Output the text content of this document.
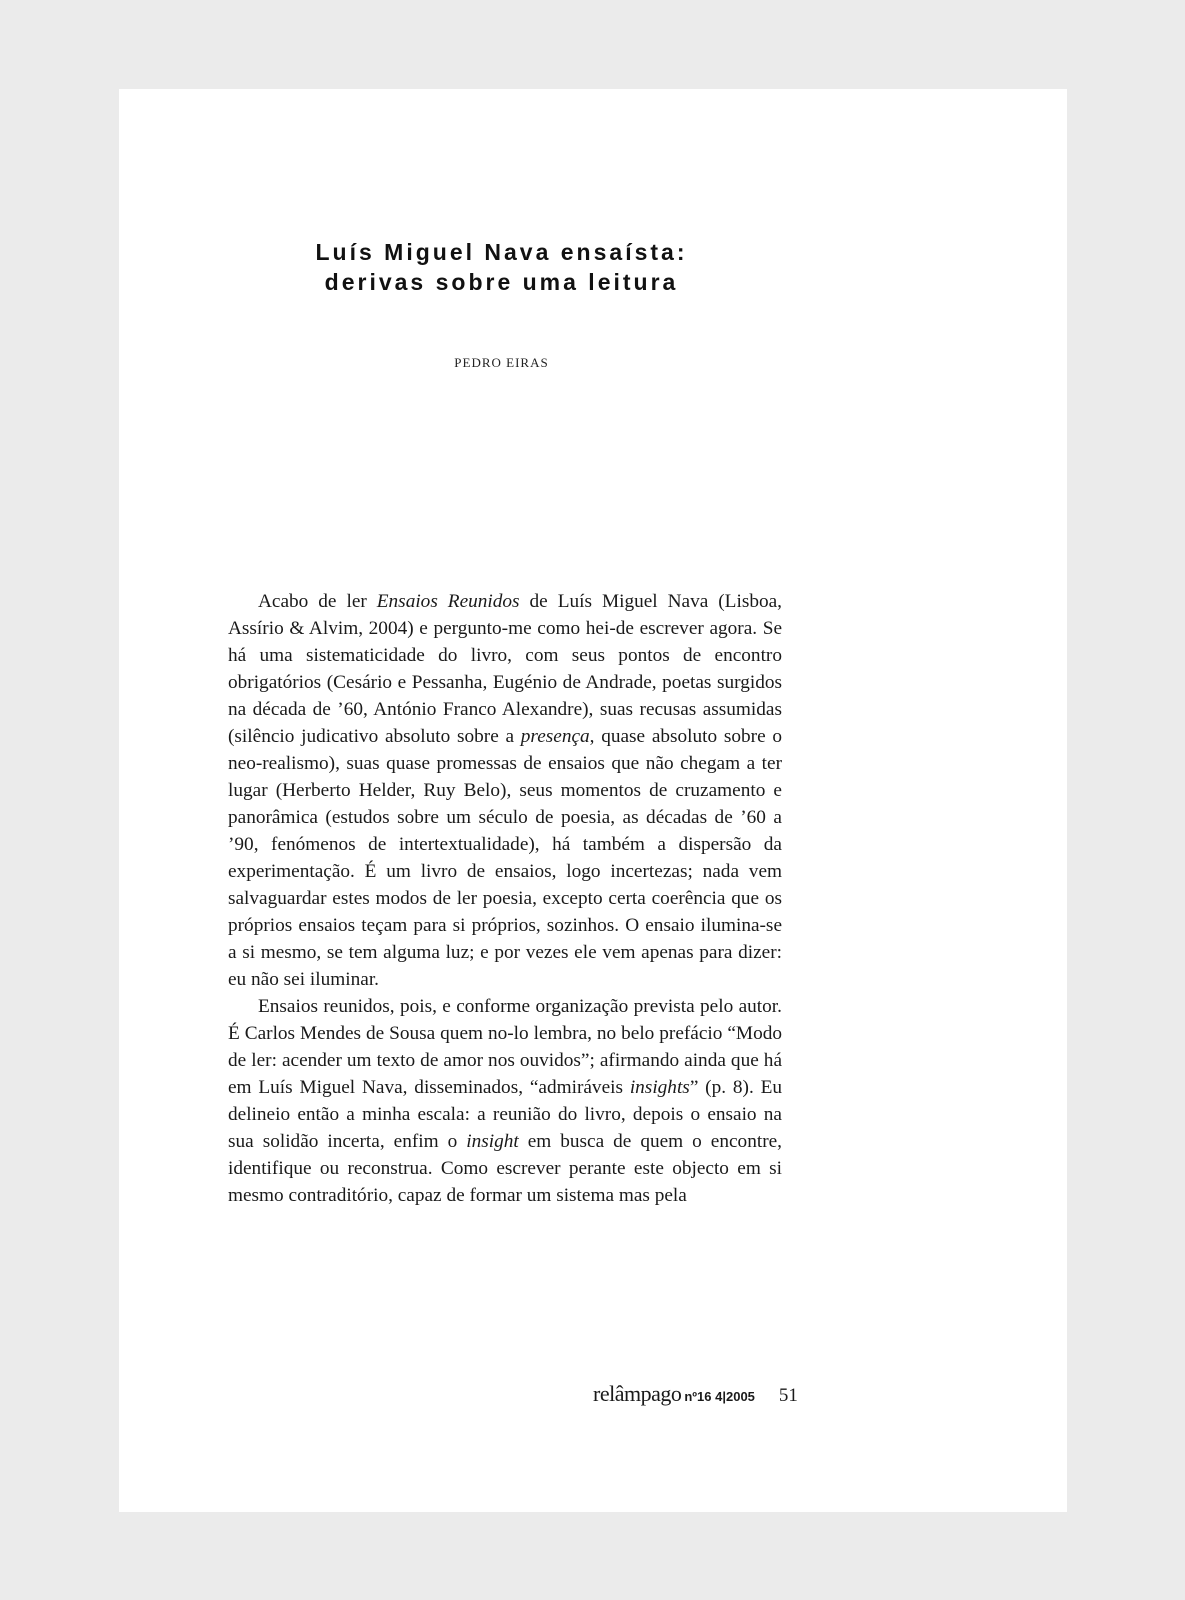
Luís Miguel Nava ensaísta:
derivas sobre uma leitura
PEDRO EIRAS

Acabo de ler Ensaios Reunidos de Luís Miguel Nava (Lisboa, Assírio & Alvim, 2004) e pergunto-me como hei-de escrever agora. Se há uma sistematicidade do livro, com seus pontos de encontro obrigatórios (Cesário e Pessanha, Eugénio de Andrade, poetas surgidos na década de ’60, António Franco Alexandre), suas recusas assumidas (silêncio judicativo absoluto sobre a presença, quase absoluto sobre o neo-realismo), suas quase promessas de ensaios que não chegam a ter lugar (Herberto Helder, Ruy Belo), seus momentos de cruzamento e panorâmica (estudos sobre um século de poesia, as décadas de ’60 a ’90, fenómenos de intertextualidade), há também a dispersão da experimentação. É um livro de ensaios, logo incertezas; nada vem salvaguardar estes modos de ler poesia, excepto certa coerência que os próprios ensaios teçam para si próprios, sozinhos. O ensaio ilumina-se a si mesmo, se tem alguma luz; e por vezes ele vem apenas para dizer: eu não sei iluminar.

Ensaios reunidos, pois, e conforme organização prevista pelo autor. É Carlos Mendes de Sousa quem no-lo lembra, no belo prefácio “Modo de ler: acender um texto de amor nos ouvidos”; afirmando ainda que há em Luís Miguel Nava, disseminados, “admiráveis insights” (p. 8). Eu delineio então a minha escala: a reunião do livro, depois o ensaio na sua solidão incerta, enfim o insight em busca de quem o encontre, identifique ou reconstrua. Como escrever perante este objecto em si mesmo contraditório, capaz de formar um sistema mas pela

relâmpago nº16 4|2005 51
